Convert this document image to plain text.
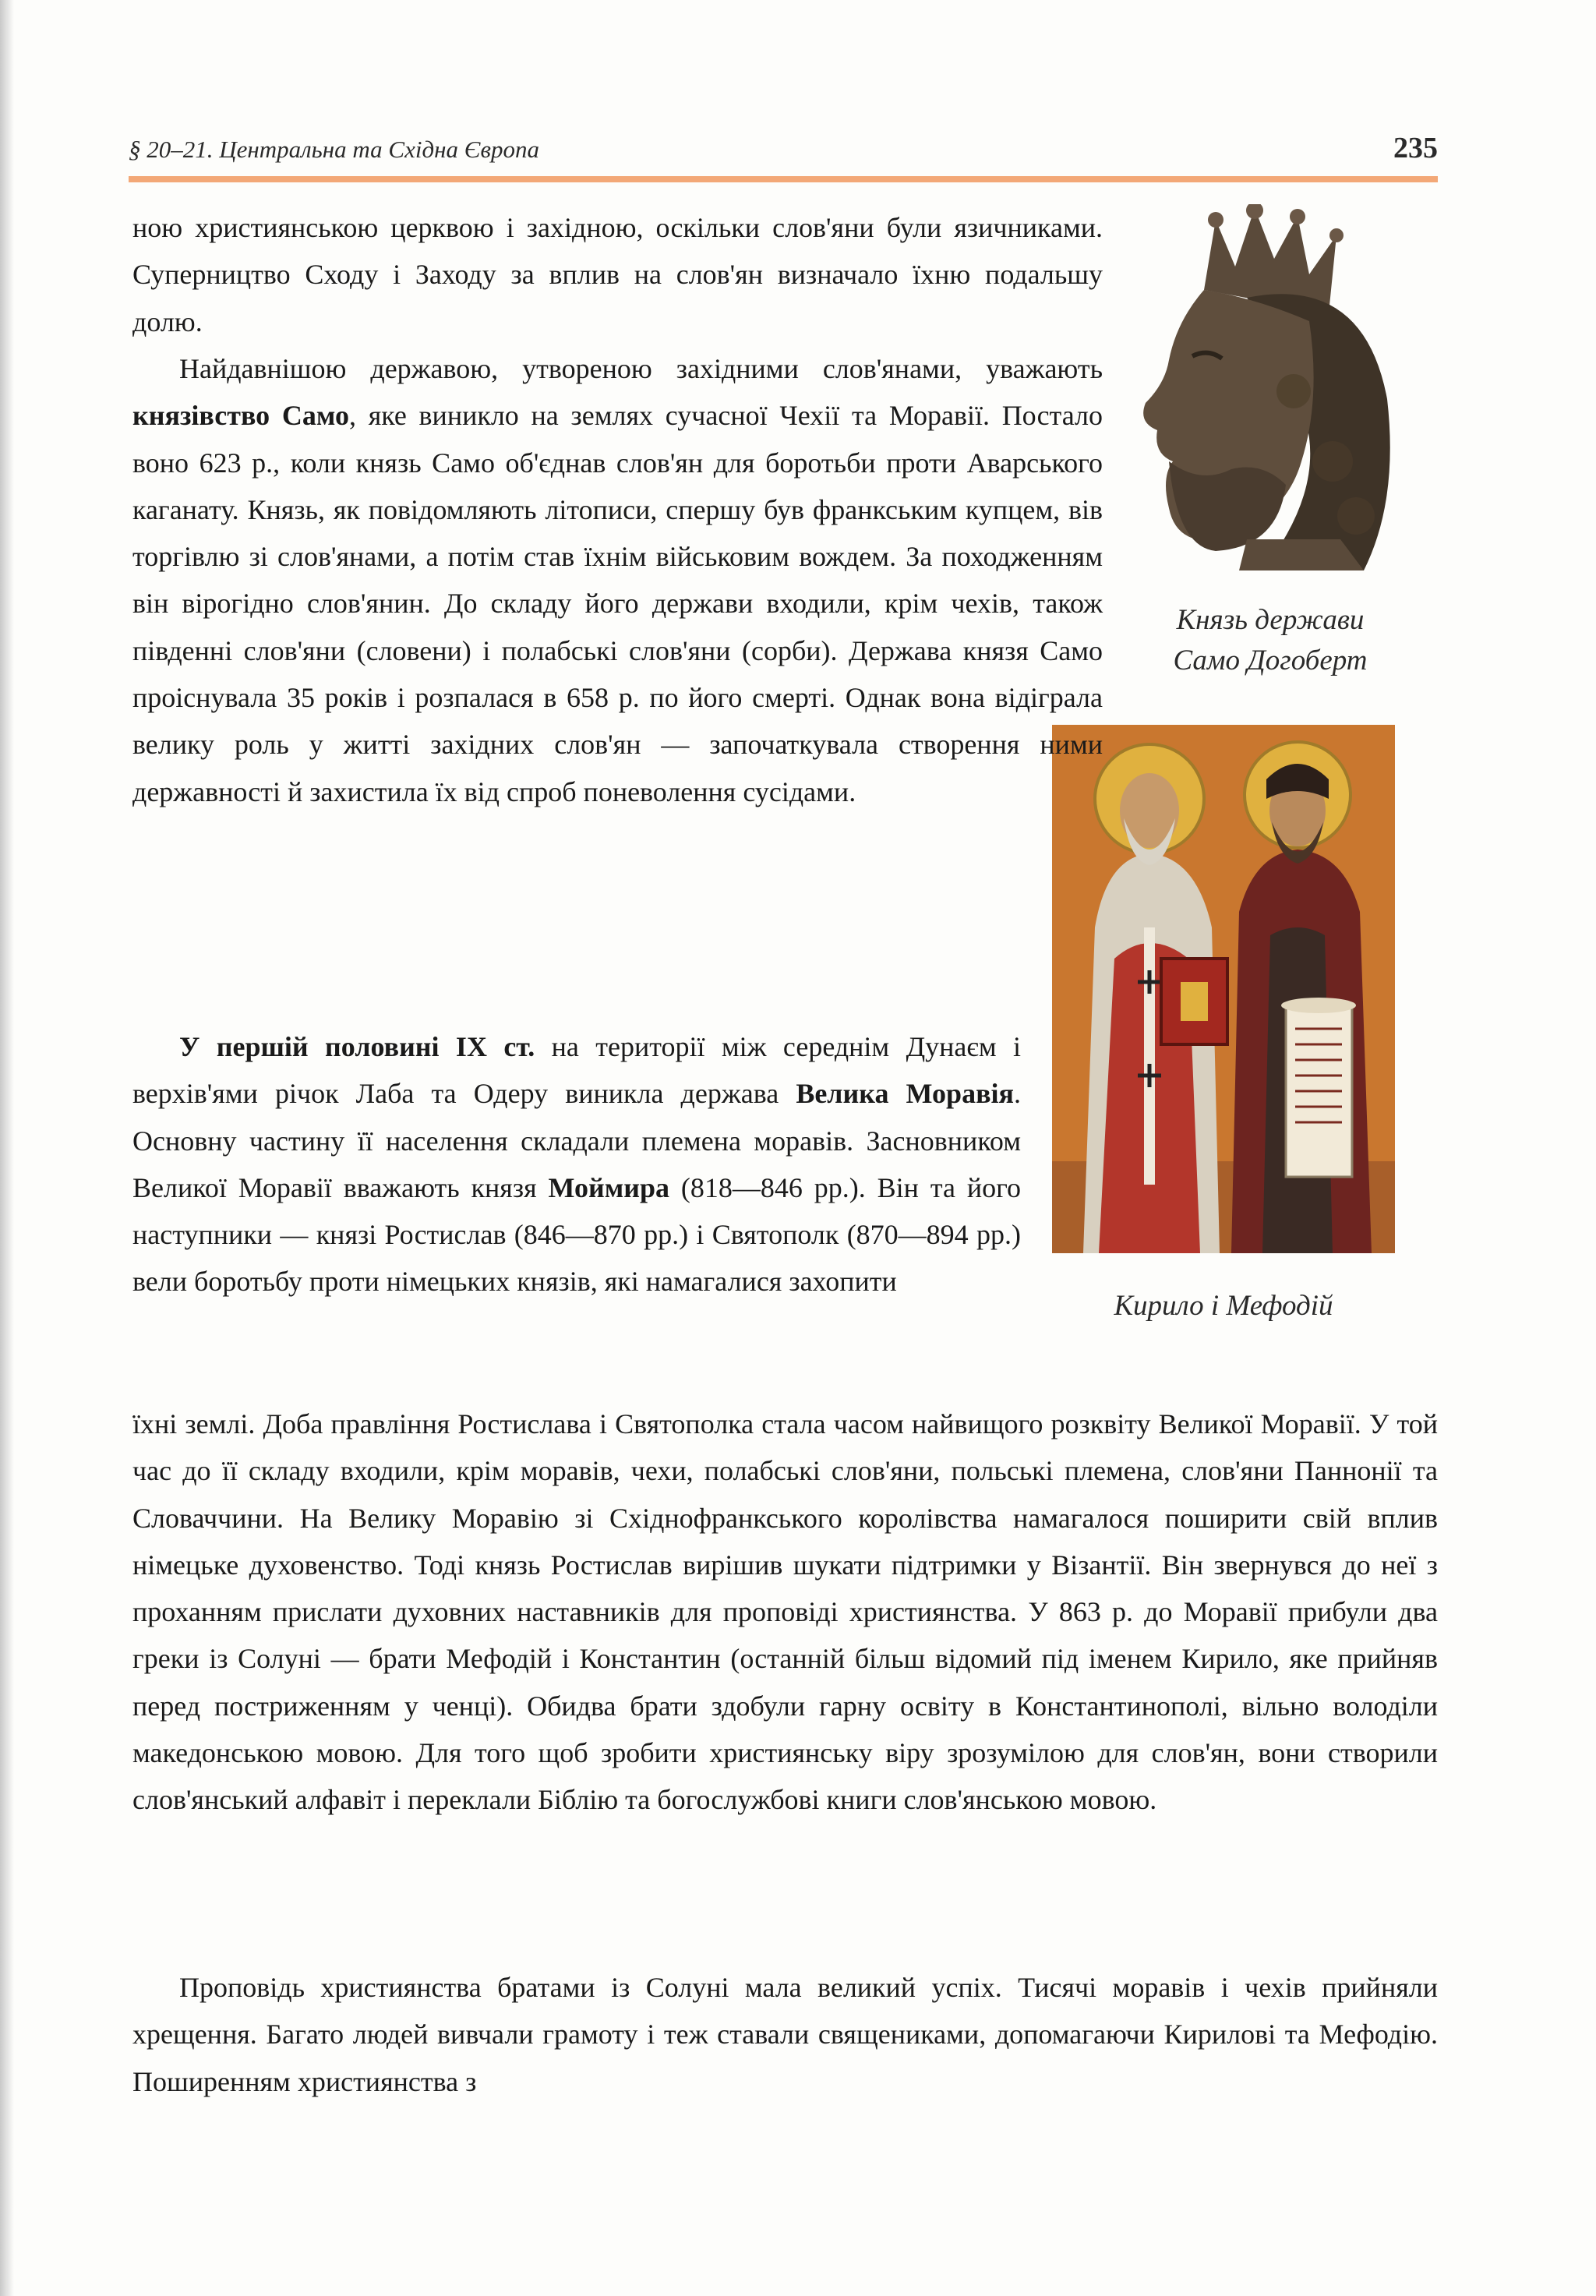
§ 20–21. Центральна та Східна Європа	235

Князь держави
Само Догоберт

Кирило і Мефодій

ною християнською церквою і західною, оскільки слов'яни були язичниками. Суперництво Сходу і Заходу за вплив на слов'ян визначало їхню подальшу долю.

Найдавнішою державою, утвореною західними слов'янами, уважають князівство Само, яке виникло на землях сучасної Чехії та Моравії. Постало воно 623 р., коли князь Само об'єднав слов'ян для боротьби проти Аварського каганату. Князь, як повідомляють літописи, спершу був франкським купцем, вів торгівлю зі слов'янами, а потім став їхнім військовим вождем. За походженням він вірогідно слов'янин. До складу його держави входили, крім чехів, також південні слов'яни (словени) і полабські слов'яни (сорби). Держава князя Само проіснувала 35 років і розпалася в 658 р. по його смерті. Однак вона відіграла велику роль у житті західних слов'ян — започаткувала створення ними державності й захистила їх від спроб поневолення сусідами.

У першій половині IX ст. на території між середнім Дунаєм і верхів'ями річок Лаба та Одеру виникла держава Велика Моравія. Основну частину її населення складали племена моравів. Засновником Великої Моравії вважають князя Моймира (818—846 рр.). Він та його наступники — князі Ростислав (846—870 рр.) і Святополк (870—894 рр.) вели боротьбу проти німецьких князів, які намагалися захопити

їхні землі. Доба правління Ростислава і Святополка стала часом найвищого розквіту Великої Моравії. У той час до її складу входили, крім моравів, чехи, полабські слов'яни, польські племена, слов'яни Паннонії та Словаччини. На Велику Моравію зі Східнофранкського королівства намагалося поширити свій вплив німецьке духовенство. Тоді князь Ростислав вирішив шукати підтримки у Візантії. Він звернувся до неї з проханням прислати духовних наставників для проповіді християнства. У 863 р. до Моравії прибули два греки із Солуні — брати Мефодій і Константин (останній більш відомий під іменем Кирило, яке прийняв перед постриженням у ченці). Обидва брати здобули гарну освіту в Константинополі, вільно володіли македонською мовою. Для того щоб зробити християнську віру зрозумілою для слов'ян, вони створили слов'янський алфавіт і переклали Біблію та богослужбові книги слов'янською мовою.

Проповідь християнства братами із Солуні мала великий успіх. Тисячі моравів і чехів прийняли хрещення. Багато людей вивчали грамоту і теж ставали священиками, допомагаючи Кирилові та Мефодію. Поширенням християнства з
